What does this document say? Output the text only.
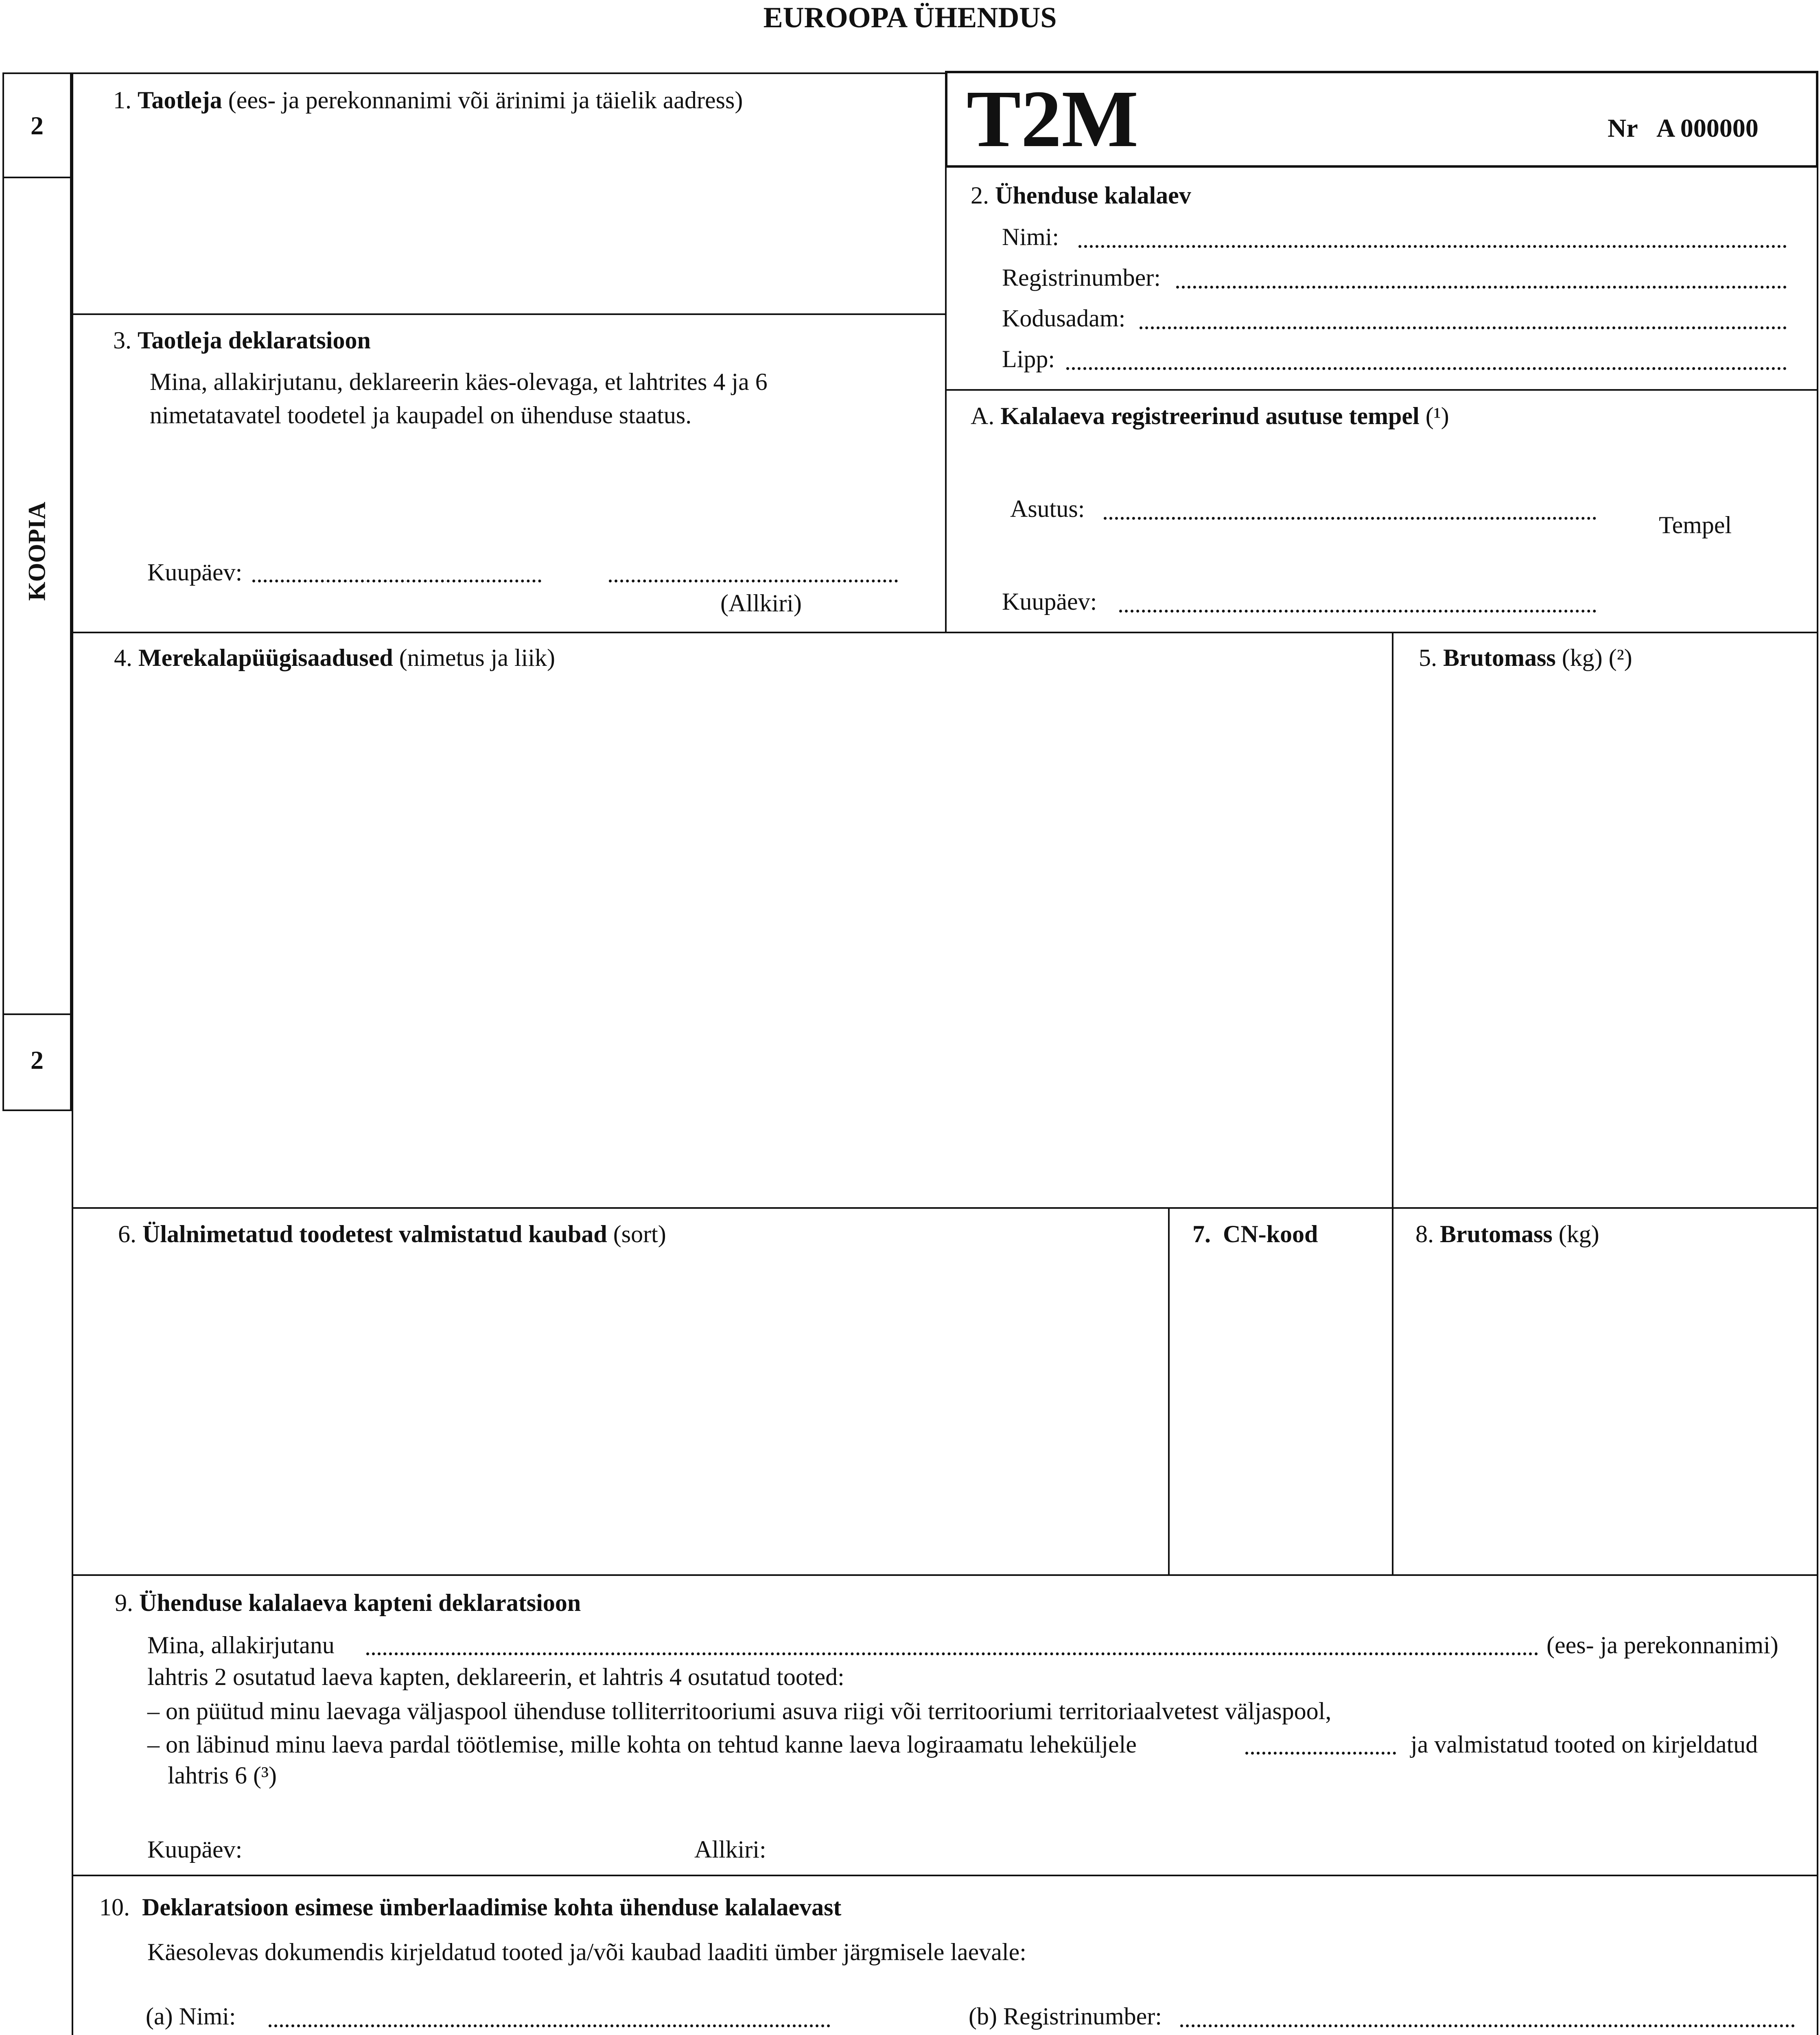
EUROOPA ÜHENDUS
2
KOOPIA
2
T2M	Nr A 000000
1. Taotleja (ees- ja perekonnanimi või ärinimi ja täielik aadress)
2. Ühenduse kalalaev
Nimi:
Registrinumber:
Kodusadam:
Lipp:
3. Taotleja deklaratsioon
Mina, allakirjutanu, deklareerin käes-olevaga, et lahtrites 4 ja 6
nimetatavatel toodetel ja kaupadel on ühenduse staatus.
Kuupäev:
(Allkiri)
A. Kalalaeva registreerinud asutuse tempel (¹)
Asutus:
Tempel
Kuupäev:
4. Merekalapüügisaadused (nimetus ja liik)	5. Brutomass (kg) (²)
6. Ülalnimetatud toodetest valmistatud kaubad (sort)	7. CN-kood	8. Brutomass (kg)
9. Ühenduse kalalaeva kapteni deklaratsioon
Mina, allakirjutanu	(ees- ja perekonnanimi)
lahtris 2 osutatud laeva kapten, deklareerin, et lahtris 4 osutatud tooted:
– on püütud minu laevaga väljaspool ühenduse tolliterritooriumi asuva riigi või territooriumi territoriaalvetest väljaspool,
– on läbinud minu laeva pardal töötlemise, mille kohta on tehtud kanne laeva logiraamatu leheküljele	ja valmistatud tooted on kirjeldatud
lahtris 6 (³)
Kuupäev:	Allkiri:
10. Deklaratsioon esimese ümberlaadimise kohta ühenduse kalalaevast
Käesolevas dokumendis kirjeldatud tooted ja/või kaubad laaditi ümber järgmisele laevale:
(a) Nimi:	(b) Registrinumber:
